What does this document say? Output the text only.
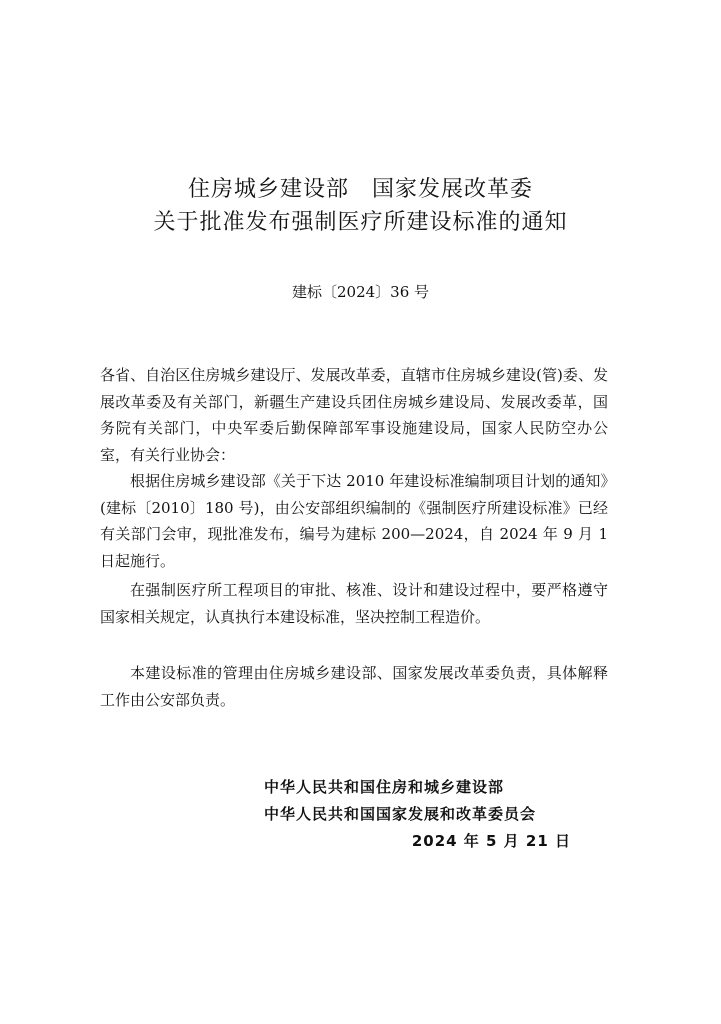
住房城乡建设部　国家发展改革委
关于批准发布强制医疗所建设标准的通知
建标〔2024〕36 号
各省、自治区住房城乡建设厅、发展改革委，直辖市住房城乡建设(管)委、发展改革委及有关部门，新疆生产建设兵团住房城乡建设局、发展改委革，国务院有关部门，中央军委后勤保障部军事设施建设局，国家人民防空办公室，有关行业协会：
根据住房城乡建设部《关于下达 2010 年建设标准编制项目计划的通知》(建标〔2010〕180 号)，由公安部组织编制的《强制医疗所建设标准》已经有关部门会审，现批准发布，编号为建标 200—2024，自 2024 年 9 月 1 日起施行。
在强制医疗所工程项目的审批、核准、设计和建设过程中，要严格遵守国家相关规定，认真执行本建设标准，坚决控制工程造价。
本建设标准的管理由住房城乡建设部、国家发展改革委负责，具体解释工作由公安部负责。
中华人民共和国住房和城乡建设部
中华人民共和国国家发展和改革委员会
2024 年 5 月 21 日
